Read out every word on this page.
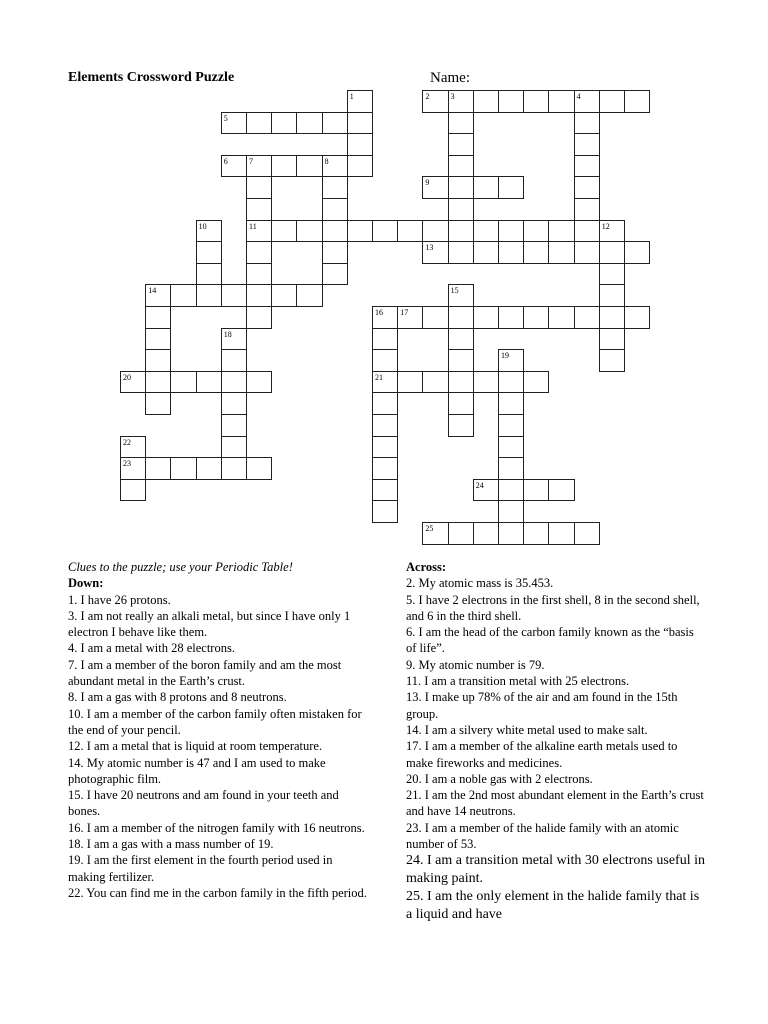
Elements Crossword Puzzle	Name:
1	2	3	4
5
6	7	8
11
9
10	12
13
14	15
16
21
17
18
19
20
22
23
24
25
Clues to the puzzle; use your Periodic Table!
Down:
1. I have 26 protons.
3. I am not really an alkali metal, but since I have only 1 electron I behave like them.
4. I am a metal with 28 electrons.
7. I am a member of the boron family and am the most abundant metal in the Earth’s crust.
8. I am a gas with 8 protons and 8 neutrons.
10. I am a member of the carbon family often mistaken for the end of your pencil.
12. I am a metal that is liquid at room temperature.
14. My atomic number is 47 and I am used to make photographic film.
15. I have 20 neutrons and am found in your teeth and bones.
16. I am a member of the nitrogen family with 16 neutrons.
18. I am a gas with a mass number of 19.
19. I am the first element in the fourth period used in making fertilizer.
22. You can find me in the carbon family in the fifth period.
Across:
2. My atomic mass is 35.453.
5. I have 2 electrons in the first shell, 8 in the second shell, and 6 in the third shell.
6. I am the head of the carbon family known as the “basis of life”.
9. My atomic number is 79.
11. I am a transition metal with 25 electrons.
13. I make up 78% of the air and am found in the 15th group.
14. I am a silvery white metal used to make salt.
17. I am a member of the alkaline earth metals used to make fireworks and medicines.
20. I am a noble gas with 2 electrons.
21. I am the 2nd most abundant element in the Earth’s crust and have 14 neutrons.
23. I am a member of the halide family with an atomic number of 53.
24. I am a transition metal with 30 electrons useful in making paint.
25. I am the only element in the halide family that is a liquid and have
